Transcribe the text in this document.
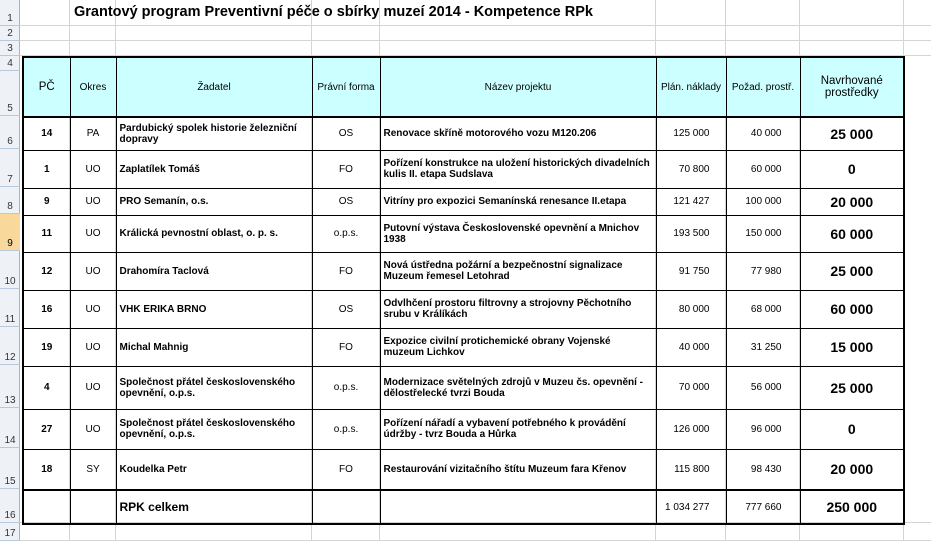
1
2
3
4
5
6
7
8
9
10
11
12
13
14
15
16
17
Grantový program Preventivní péče o sbírky muzeí 2014 - Kompetence RPk
PČ	Okres	Žadatel	Právní forma	Název projektu	Plán. náklady	Požad. prostř.	Navrhované prostředky
14	PA	Pardubický spolek historie železniční dopravy	OS	Renovace skříně motorového vozu M120.206	125 000	40 000	25 000
1	UO	Zaplatílek Tomáš	FO	Pořízení konstrukce na uložení historických divadelních kulis II. etapa Sudslava	70 800	60 000	0
9	UO	PRO Semanín, o.s.	OS	Vitríny pro expozici Semanínská renesance II.etapa	121 427	100 000	20 000
11	UO	Králická pevnostní oblast, o. p. s.	o.p.s.	Putovní výstava Československé opevnění a Mnichov 1938	193 500	150 000	60 000
12	UO	Drahomíra Taclová	FO	Nová ústředna požární a bezpečnostní signalizace Muzeum řemesel Letohrad	91 750	77 980	25 000
16	UO	VHK ERIKA BRNO	OS	Odvlhčení prostoru filtrovny a strojovny Pěchotního srubu v Králíkách	80 000	68 000	60 000
19	UO	Michal Mahnig	FO	Expozice civilní protichemické obrany Vojenské muzeum Lichkov	40 000	31 250	15 000
4	UO	Společnost přátel československého opevnění, o.p.s.	o.p.s.	Modernizace světelných zdrojů v Muzeu čs. opevnění - dělostřelecké tvrzi Bouda	70 000	56 000	25 000
27	UO	Společnost přátel československého opevnění, o.p.s.	o.p.s.	Pořízení nářadí a vybavení potřebného k provádění údržby - tvrz Bouda a Hůrka	126 000	96 000	0
18	SY	Koudelka Petr	FO	Restaurování vizitačního štítu Muzeum fara Křenov	115 800	98 430	20 000
		RPK celkem			1 034 277	777 660	250 000
